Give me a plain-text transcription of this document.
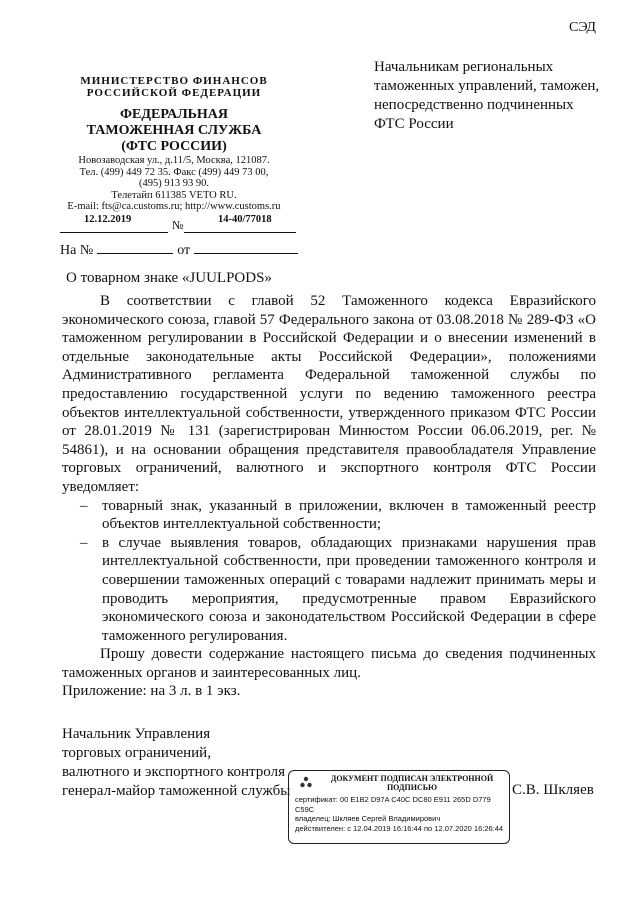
СЭД
Начальникам региональных таможенных управлений, таможен, непосредственно подчиненных ФТС России
МИНИСТЕРСТВО ФИНАНСОВ
РОССИЙСКОЙ ФЕДЕРАЦИИ
ФЕДЕРАЛЬНАЯ
ТАМОЖЕННАЯ СЛУЖБА
(ФТС РОССИИ)
Новозаводская ул., д.11/5, Москва, 121087.
Тел. (499) 449 72 35. Факс (499) 449 73 00,
(495) 913 93 90.
Телетайп 611385 VETO RU.
E-mail: fts@ca.customs.ru; http://www.customs.ru
12.12.2019	№	14-40/77018
На №	от
О товарном знаке «JUULPODS»

В соответствии с главой 52 Таможенного кодекса Евразийского экономического союза, главой 57 Федерального закона от 03.08.2018 № 289-ФЗ «О таможенном регулировании в Российской Федерации и о внесении изменений в отдельные законодательные акты Российской Федерации», положениями Административного регламента Федеральной таможенной службы по предоставлению государственной услуги по ведению таможенного реестра объектов интеллектуальной собственности, утвержденного приказом ФТС России от 28.01.2019 № 131 (зарегистрирован Минюстом России 06.06.2019, рег. № 54861), и на основании обращения представителя правообладателя Управление торговых ограничений, валютного и экспортного контроля ФТС России уведомляет:

– товарный знак, указанный в приложении, включен в таможенный реестр объектов интеллектуальной собственности;
– в случае выявления товаров, обладающих признаками нарушения прав интеллектуальной собственности, при проведении таможенного контроля и совершении таможенных операций с товарами надлежит принимать меры и проводить мероприятия, предусмотренные правом Евразийского экономического союза и законодательством Российской Федерации в сфере таможенного регулирования.

Прошу довести содержание настоящего письма до сведения подчиненных таможенных органов и заинтересованных лиц.

Приложение: на 3 л. в 1 экз.
Начальник Управления
торговых ограничений,
валютного и экспортного контроля
генерал-майор таможенной службы
ДОКУМЕНТ ПОДПИСАН ЭЛЕКТРОННОЙ ПОДПИСЬЮ
сертификат: 00 E1B2 D97A C40C DC80 E911 265D D779 C59C
владелец: Шкляев Сергей Владимирович
действителен: с 12.04.2019 16:16:44 по 12.07.2020 16:26:44
С.В. Шкляев
